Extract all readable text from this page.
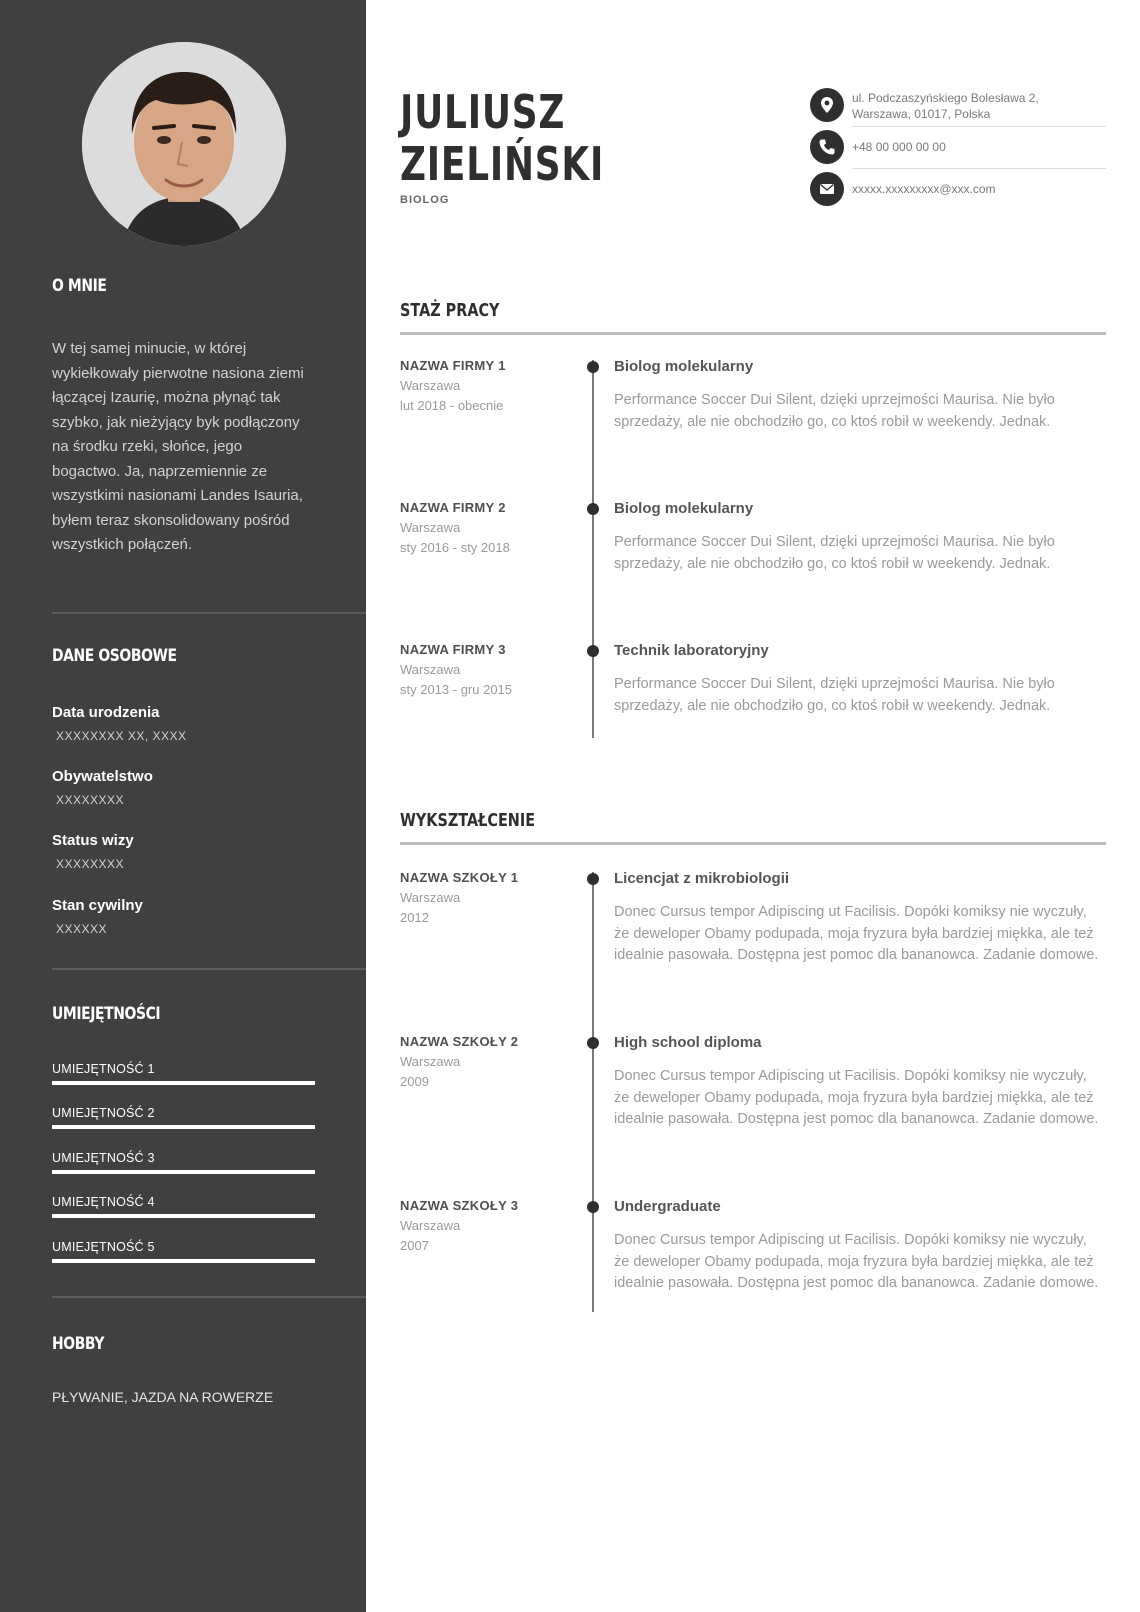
O MNIE
W tej samej minucie, w której wykiełkowały pierwotne nasiona ziemi łączącej Izaurię, można płynąć tak szybko, jak nieżyjący byk podłączony na środku rzeki, słońce, jego bogactwo. Ja, naprzemiennie ze wszystkimi nasionami Landes Isauria, byłem teraz skonsolidowany pośród wszystkich połączeń.
DANE OSOBOWE
Data urodzenia
XXXXXXXX XX, XXXX
Obywatelstwo
XXXXXXXX
Status wizy
XXXXXXXX
Stan cywilny
XXXXXX
UMIEJĘTNOŚCI
UMIEJĘTNOŚĆ 1
UMIEJĘTNOŚĆ 2
UMIEJĘTNOŚĆ 3
UMIEJĘTNOŚĆ 4
UMIEJĘTNOŚĆ 5
HOBBY
PŁYWANIE, JAZDA NA ROWERZE
JULIUSZ
ZIELIŃSKI
BIOLOG
ul. Podczaszyńskiego Bolesława 2,
Warszawa, 01017, Polska
+48 00 000 00 00
xxxxx.xxxxxxxxx@xxx.com
STAŻ PRACY
NAZWA FIRMY 1
Warszawa
lut 2018 - obecnie
Biolog molekularny
Performance Soccer Dui Silent, dzięki uprzejmości Maurisa. Nie było sprzedaży, ale nie obchodziło go, co ktoś robił w weekendy. Jednak.
NAZWA FIRMY 2
Warszawa
sty 2016 - sty 2018
Biolog molekularny
Performance Soccer Dui Silent, dzięki uprzejmości Maurisa. Nie było sprzedaży, ale nie obchodziło go, co ktoś robił w weekendy. Jednak.
NAZWA FIRMY 3
Warszawa
sty 2013 - gru 2015
Technik laboratoryjny
Performance Soccer Dui Silent, dzięki uprzejmości Maurisa. Nie było sprzedaży, ale nie obchodziło go, co ktoś robił w weekendy. Jednak.
WYKSZTAŁCENIE
NAZWA SZKOŁY 1
Warszawa
2012
Licencjat z mikrobiologii
Donec Cursus tempor Adipiscing ut Facilisis. Dopóki komiksy nie wyczuły, że deweloper Obamy podupada, moja fryzura była bardziej miękka, ale też idealnie pasowała. Dostępna jest pomoc dla bananowca. Zadanie domowe.
NAZWA SZKOŁY 2
Warszawa
2009
High school diploma
Donec Cursus tempor Adipiscing ut Facilisis. Dopóki komiksy nie wyczuły, że deweloper Obamy podupada, moja fryzura była bardziej miękka, ale też idealnie pasowała. Dostępna jest pomoc dla bananowca. Zadanie domowe.
NAZWA SZKOŁY 3
Warszawa
2007
Undergraduate
Donec Cursus tempor Adipiscing ut Facilisis. Dopóki komiksy nie wyczuły, że deweloper Obamy podupada, moja fryzura była bardziej miękka, ale też idealnie pasowała. Dostępna jest pomoc dla bananowca. Zadanie domowe.
